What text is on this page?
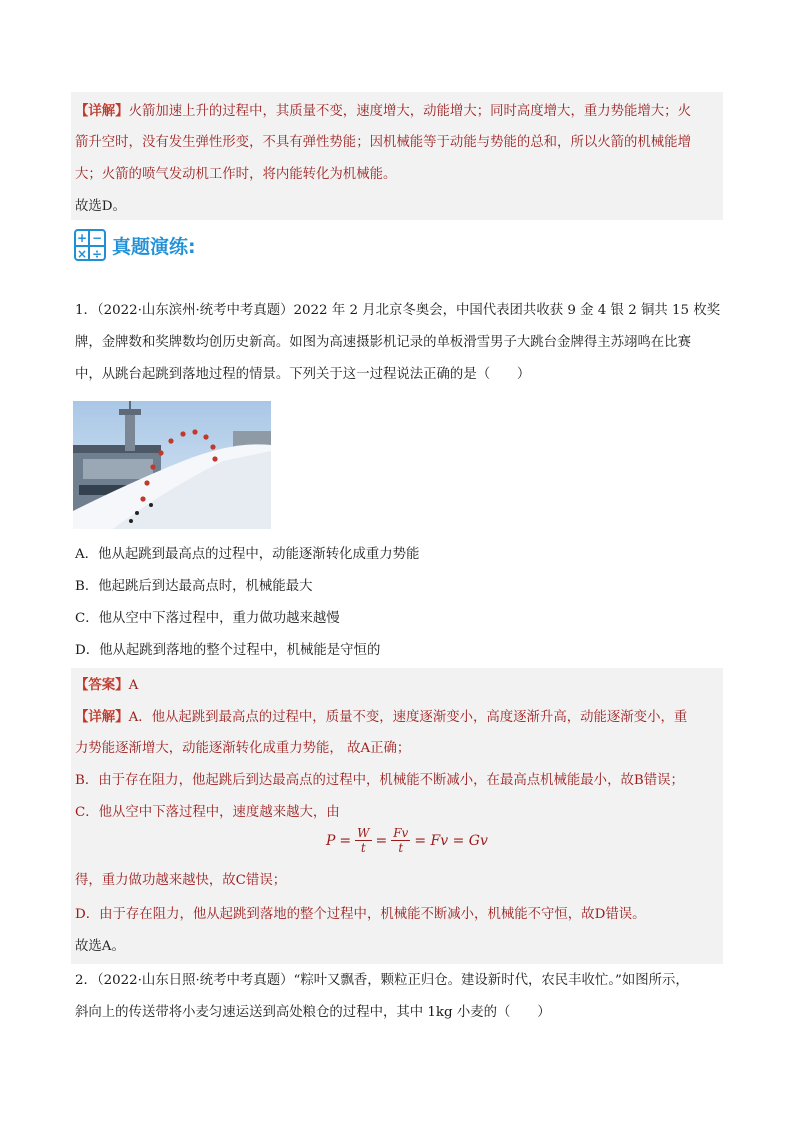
【详解】火箭加速上升的过程中，其质量不变，速度增大，动能增大；同时高度增大，重力势能增大；火
箭升空时，没有发生弹性形变，不具有弹性势能；因机械能等于动能与势能的总和，所以火箭的机械能增
大；火箭的喷气发动机工作时，将内能转化为机械能。
故选D。
+ −
× ÷ 真题演练:
1．（2022·山东滨州·统考中考真题）2022 年 2 月北京冬奥会，中国代表团共收获 9 金 4 银 2 铜共 15 枚奖
牌，金牌数和奖牌数均创历史新高。如图为高速摄影机记录的单板滑雪男子大跳台金牌得主苏翊鸣在比赛
中，从跳台起跳到落地过程的情景。下列关于这一过程说法正确的是（　　）
A．他从起跳到最高点的过程中，动能逐渐转化成重力势能
B．他起跳后到达最高点时，机械能最大
C．他从空中下落过程中，重力做功越来越慢
D．他从起跳到落地的整个过程中，机械能是守恒的
【答案】A
【详解】A．他从起跳到最高点的过程中，质量不变，速度逐渐变小，高度逐渐升高，动能逐渐变小，重
力势能逐渐增大，动能逐渐转化成重力势能， 故A正确；
B．由于存在阻力，他起跳后到达最高点的过程中，机械能不断减小，在最高点机械能最小，故B错误；
C．他从空中下落过程中，速度越来越大，由
$P = \frac{W}{t} = \frac{Fv}{t} = Fv = Gv$
得，重力做功越来越快，故C错误；
D．由于存在阻力，他从起跳到落地的整个过程中，机械能不断减小，机械能不守恒，故D错误。
故选A。
2．（2022·山东日照·统考中考真题）“粽叶又飘香，颗粒正归仓。建设新时代，农民丰收忙。”如图所示，
斜向上的传送带将小麦匀速运送到高处粮仓的过程中，其中 1kg 小麦的（　　）
